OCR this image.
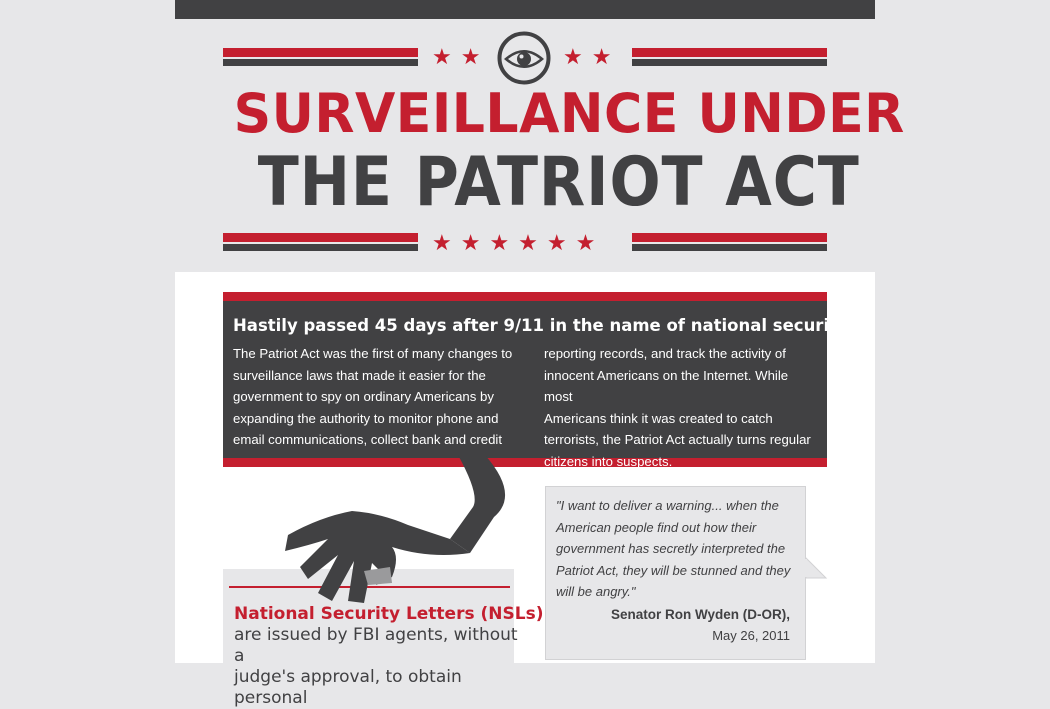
★★	★★
SURVEILLANCE UNDER
THE PATRIOT ACT
★★★★★★
Hastily passed 45 days after 9/11 in the name of national security...
The Patriot Act was the first of many changes to
surveillance laws that made it easier for the
government to spy on ordinary Americans by
expanding the authority to monitor phone and
email communications, collect bank and credit
reporting records, and track the activity of
innocent Americans on the Internet. While most
Americans think it was created to catch
terrorists, the Patriot Act actually turns regular
citizens into suspects.
National Security Letters (NSLs)
are issued by FBI agents, without a
judge's approval, to obtain personal
"I want to deliver a warning... when the
American people find out how their
government has secretly interpreted the
Patriot Act, they will be stunned and they
will be angry."
Senator Ron Wyden (D-OR),
May 26, 2011
